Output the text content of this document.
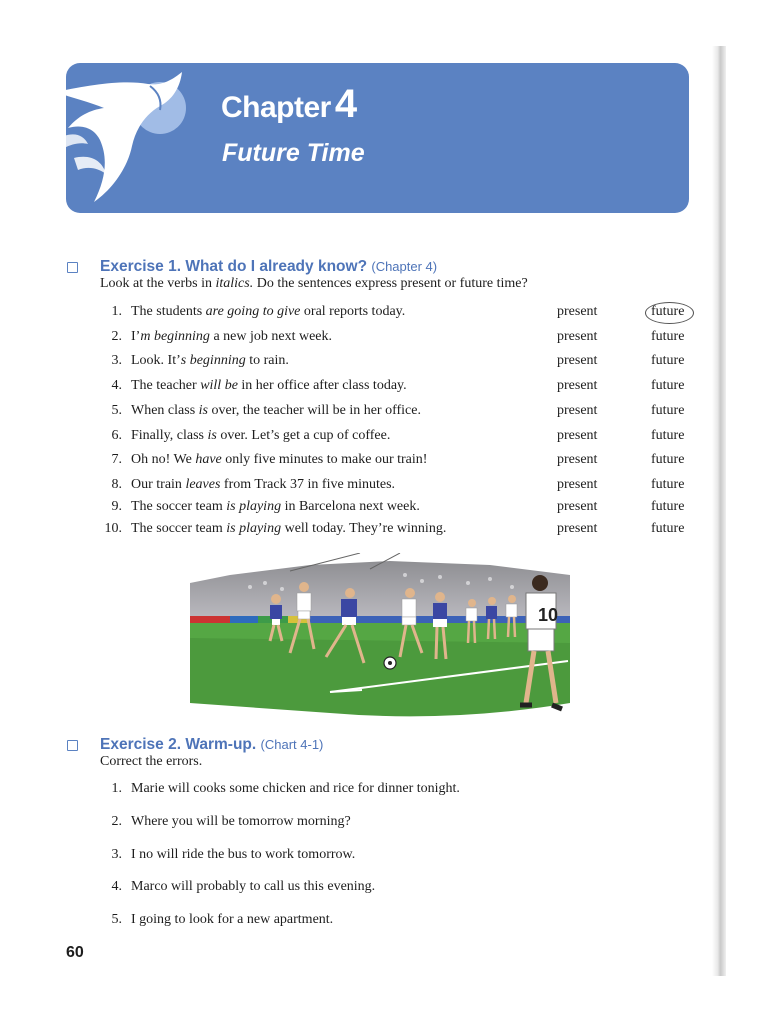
Chapter 4
Future Time
Exercise 1. What do I already know? (Chapter 4)
Look at the verbs in italics. Do the sentences express present or future time?
1. The students are going to give oral reports today.	present	future
2. I’m beginning a new job next week.	present	future
3. Look. It’s beginning to rain.	present	future
4. The teacher will be in her office after class today.	present	future
5. When class is over, the teacher will be in her office.	present	future
6. Finally, class is over. Let’s get a cup of coffee.	present	future
7. Oh no! We have only five minutes to make our train!	present	future
8. Our train leaves from Track 37 in five minutes.	present	future
9. The soccer team is playing in Barcelona next week.	present	future
10. The soccer team is playing well today. They’re winning.	present	future
10
Exercise 2. Warm-up. (Chart 4-1)
Correct the errors.
1. Marie will cooks some chicken and rice for dinner tonight.
2. Where you will be tomorrow morning?
3. I no will ride the bus to work tomorrow.
4. Marco will probably to call us this evening.
5. I going to look for a new apartment.
60
